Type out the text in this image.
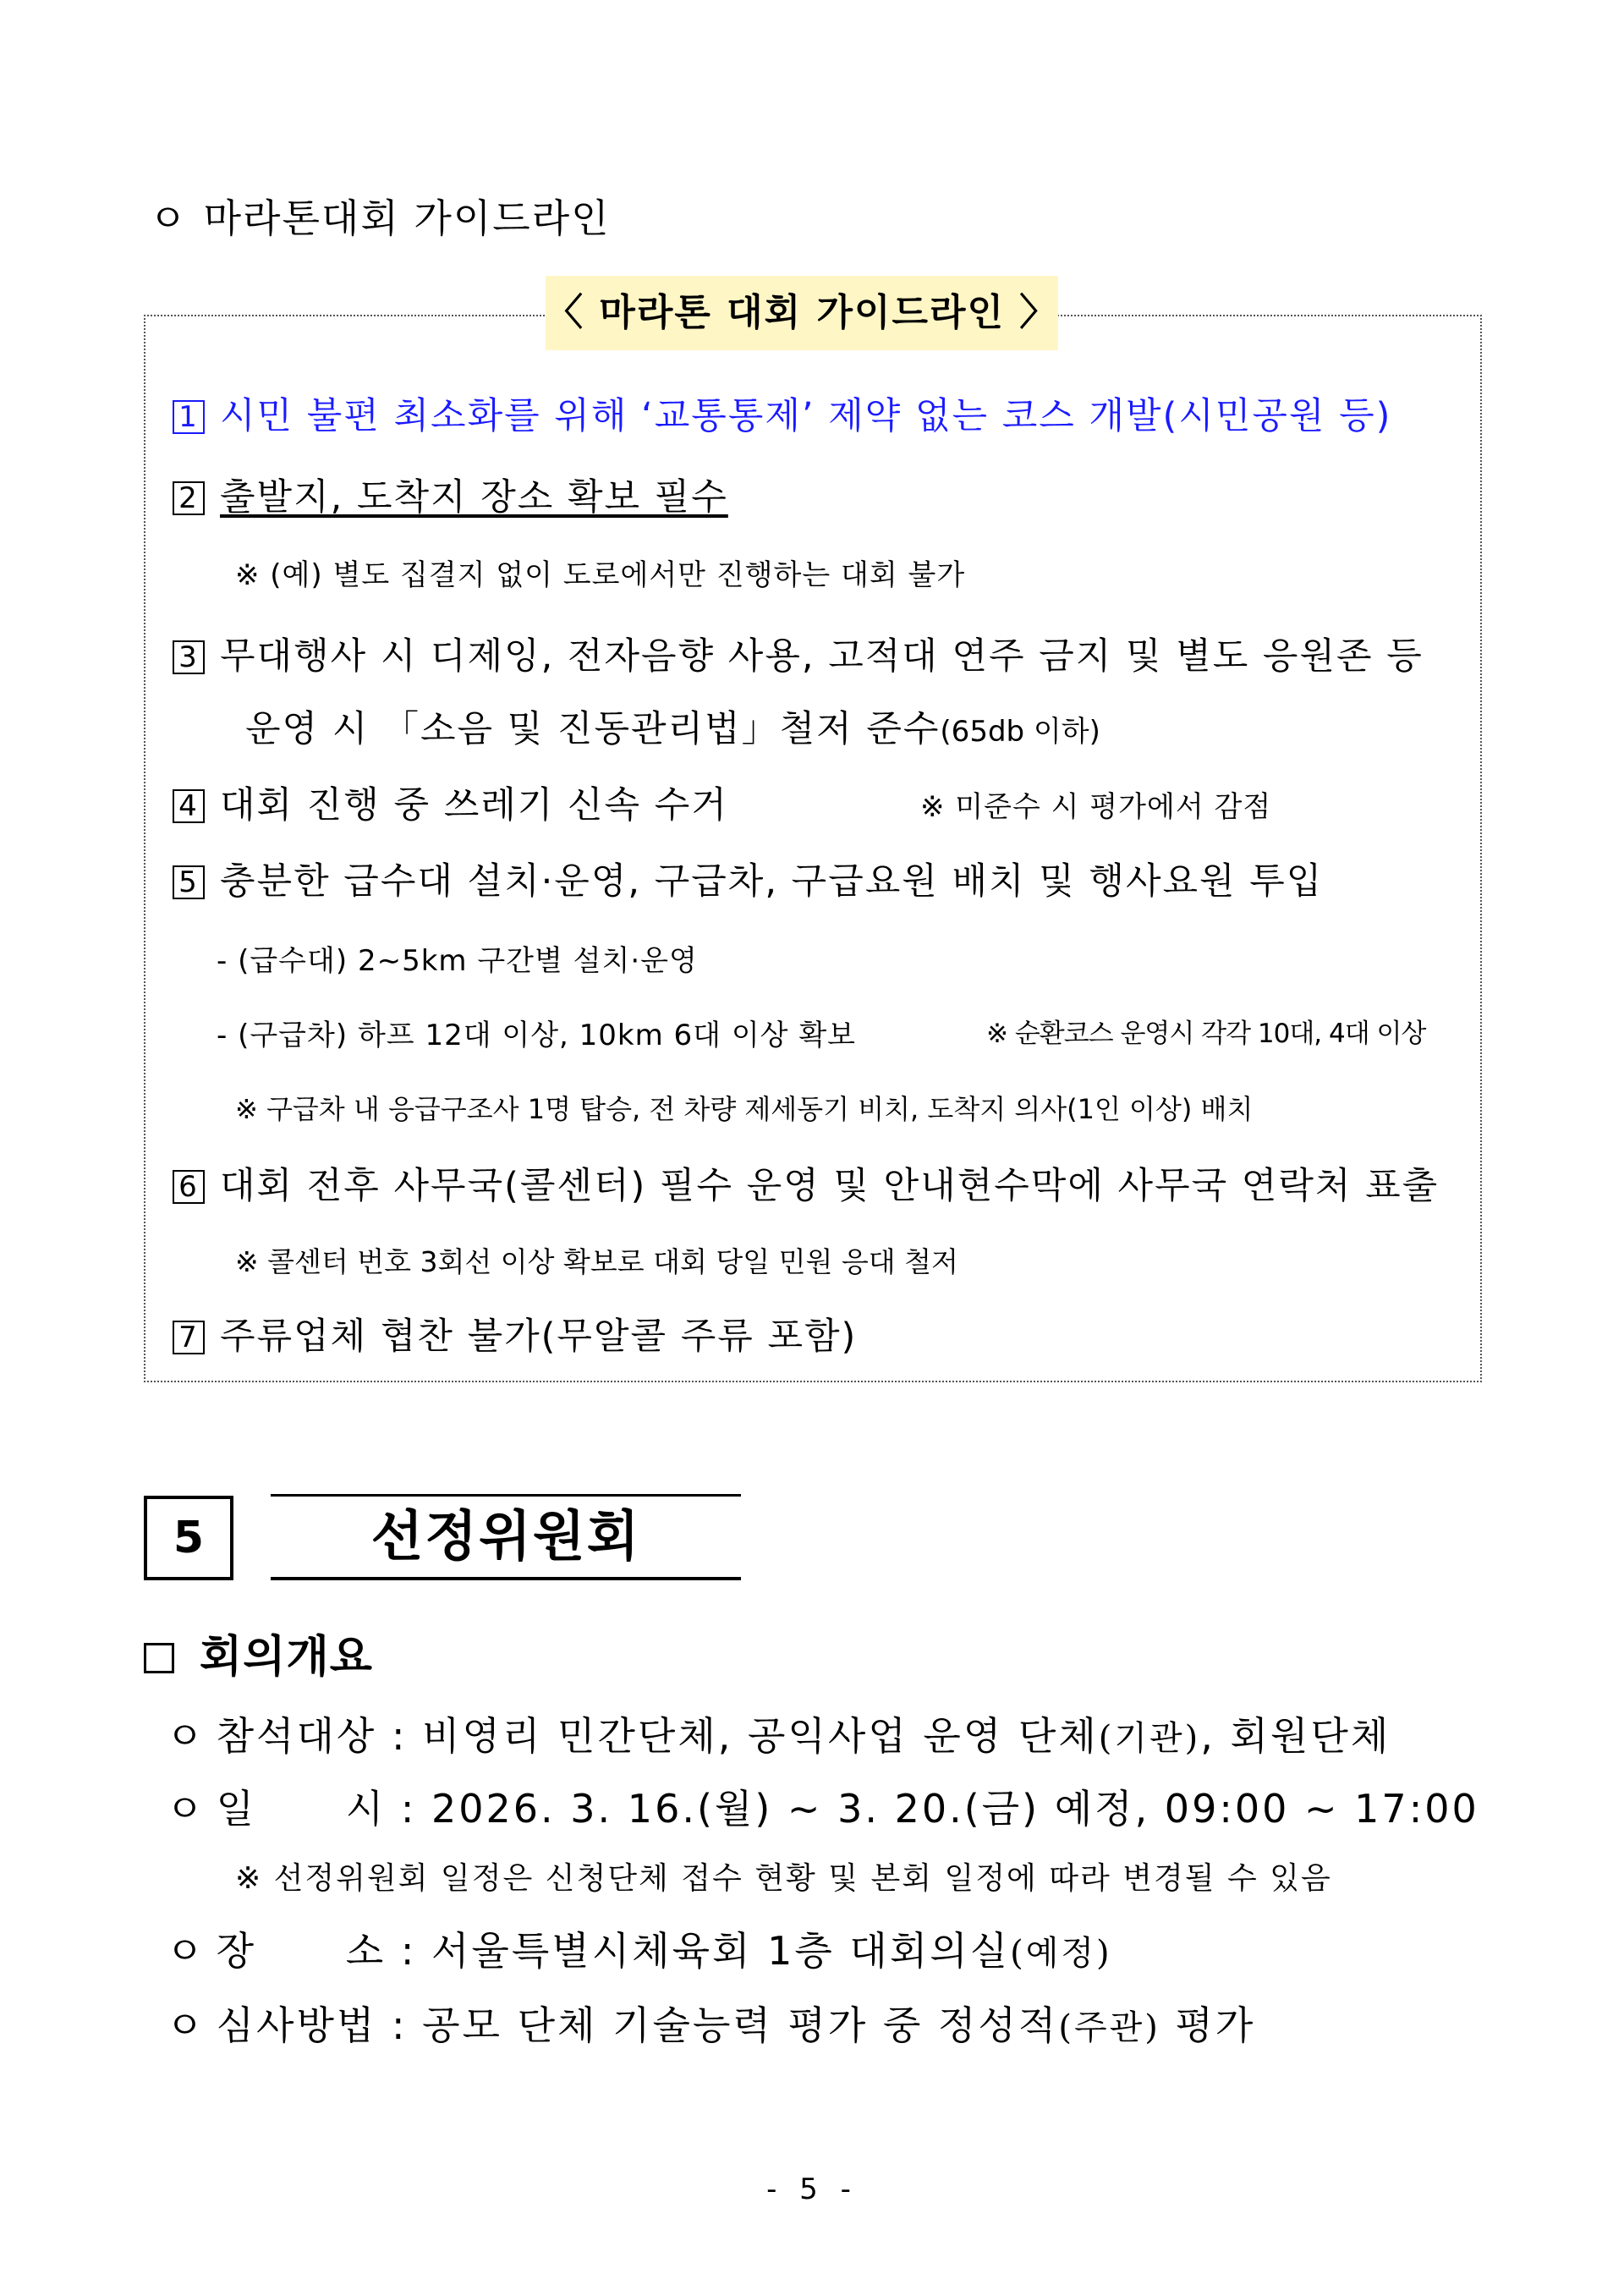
ㅇ 마라톤대회 가이드라인
〈 마라톤 대회 가이드라인 〉
1 시민 불편 최소화를 위해 ‘교통통제’ 제약 없는 코스 개발(시민공원 등)
2 출발지, 도착지 장소 확보 필수
※ (예) 별도 집결지 없이 도로에서만 진행하는 대회 불가
3 무대행사 시 디제잉, 전자음향 사용, 고적대 연주 금지 및 별도 응원존 등
운영 시 「소음 및 진동관리법」철저 준수(65db 이하)
4 대회 진행 중 쓰레기 신속 수거	※ 미준수 시 평가에서 감점
5 충분한 급수대 설치·운영, 구급차, 구급요원 배치 및 행사요원 투입
- (급수대) 2∼5km 구간별 설치·운영
- (구급차) 하프 12대 이상, 10km 6대 이상 확보	※ 순환코스 운영시 각각 10대, 4대 이상
※ 구급차 내 응급구조사 1명 탑승, 전 차량 제세동기 비치, 도착지 의사(1인 이상) 배치
6 대회 전후 사무국(콜센터) 필수 운영 및 안내현수막에 사무국 연락처 표출
※ 콜센터 번호 3회선 이상 확보로 대회 당일 민원 응대 철저
7 주류업체 협찬 불가(무알콜 주류 포함)
5	선정위원회
회의개요
ㅇ 참석대상 : 비영리 민간단체, 공익사업 운영 단체(기관), 회원단체
ㅇ 일      시 : 2026. 3. 16.(월) ∼ 3. 20.(금) 예정, 09:00 ∼ 17:00
※ 선정위원회 일정은 신청단체 접수 현황 및 본회 일정에 따라 변경될 수 있음
ㅇ 장      소 : 서울특별시체육회 1층 대회의실(예정)
ㅇ 심사방법 : 공모 단체 기술능력 평가 중 정성적(주관) 평가
- 5 -
